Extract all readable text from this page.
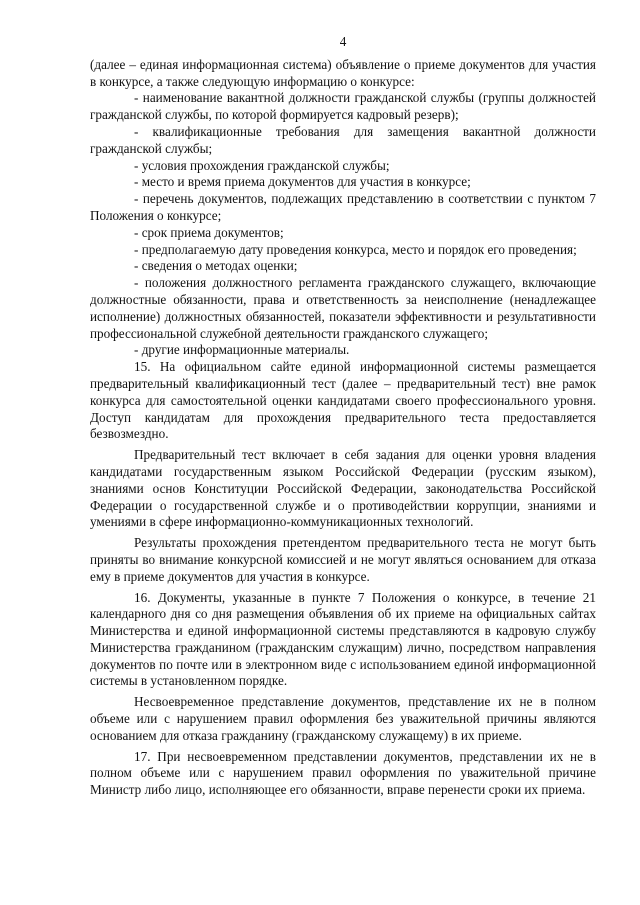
4

(далее – единая информационная система) объявление о приеме документов для участия в конкурсе, а также следующую информацию о конкурсе:

- наименование вакантной должности гражданской службы (группы должностей гражданской службы, по которой формируется кадровый резерв);

- квалификационные требования для замещения вакантной должности гражданской службы;

- условия прохождения гражданской службы;

- место и время приема документов для участия в конкурсе;

- перечень документов, подлежащих представлению в соответствии с пунктом 7 Положения о конкурсе;

- срок приема документов;

- предполагаемую дату проведения конкурса, место и порядок его проведения;

- сведения о методах оценки;

- положения должностного регламента гражданского служащего, включающие должностные обязанности, права и ответственность за неисполнение (ненадлежащее исполнение) должностных обязанностей, показатели эффективности и результативности профессиональной служебной деятельности гражданского служащего;

- другие информационные материалы.

15. На официальном сайте единой информационной системы размещается предварительный квалификационный тест (далее – предварительный тест) вне рамок конкурса для самостоятельной оценки кандидатами своего профессионального уровня. Доступ кандидатам для прохождения предварительного теста предоставляется безвозмездно.

Предварительный тест включает в себя задания для оценки уровня владения кандидатами государственным языком Российской Федерации (русским языком), знаниями основ Конституции Российской Федерации, законодательства Российской Федерации о государственной службе и о противодействии коррупции, знаниями и умениями в сфере информационно-коммуникационных технологий.

Результаты прохождения претендентом предварительного теста не могут быть приняты во внимание конкурсной комиссией и не могут являться основанием для отказа ему в приеме документов для участия в конкурсе.

16. Документы, указанные в пункте 7 Положения о конкурсе, в течение 21 календарного дня со дня размещения объявления об их приеме на официальных сайтах Министерства и единой информационной системы представляются в кадровую службу Министерства гражданином (гражданским служащим) лично, посредством направления документов по почте или в электронном виде с использованием единой информационной системы в установленном порядке.

Несвоевременное представление документов, представление их не в полном объеме или с нарушением правил оформления без уважительной причины являются основанием для отказа гражданину (гражданскому служащему) в их приеме.

17. При несвоевременном представлении документов, представлении их не в полном объеме или с нарушением правил оформления по уважительной причине Министр либо лицо, исполняющее его обязанности, вправе перенести сроки их приема.
